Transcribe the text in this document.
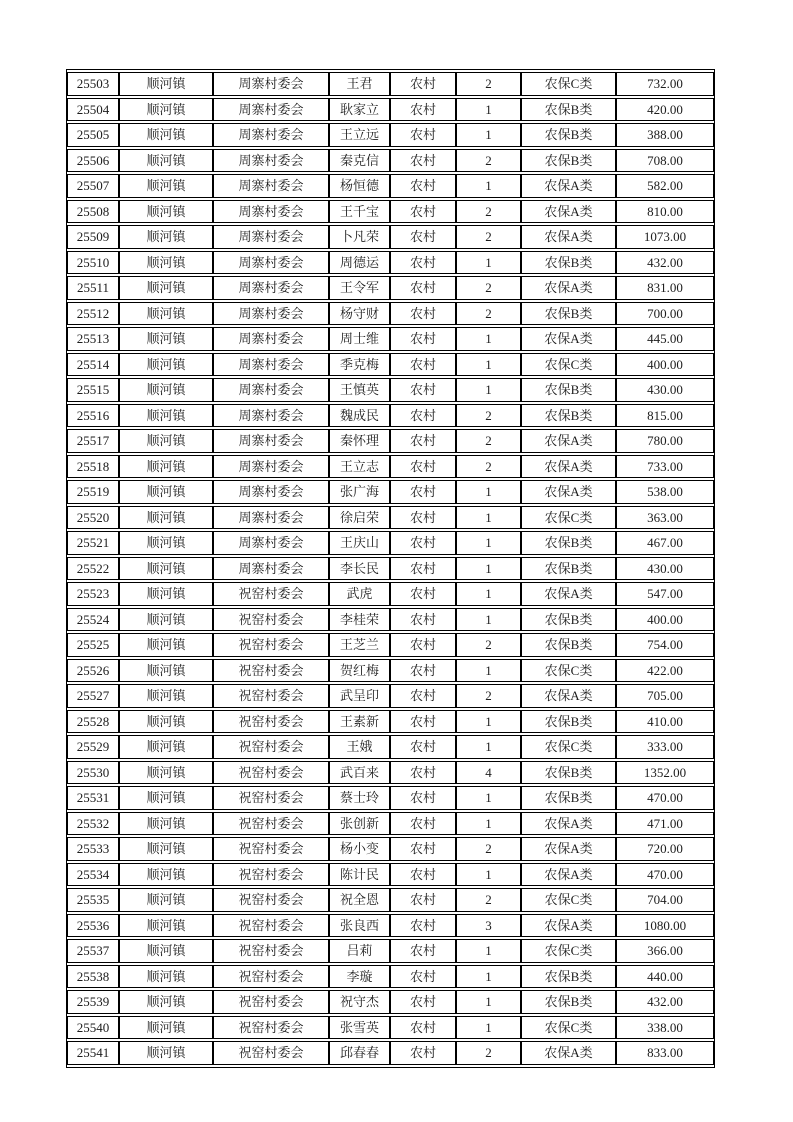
25503	顺河镇	周寨村委会	王君	农村	2	农保C类	732.00
25504	顺河镇	周寨村委会	耿家立	农村	1	农保B类	420.00
25505	顺河镇	周寨村委会	王立远	农村	1	农保B类	388.00
25506	顺河镇	周寨村委会	秦克信	农村	2	农保B类	708.00
25507	顺河镇	周寨村委会	杨恒德	农村	1	农保A类	582.00
25508	顺河镇	周寨村委会	王千宝	农村	2	农保A类	810.00
25509	顺河镇	周寨村委会	卜凡荣	农村	2	农保A类	1073.00
25510	顺河镇	周寨村委会	周德运	农村	1	农保B类	432.00
25511	顺河镇	周寨村委会	王令军	农村	2	农保A类	831.00
25512	顺河镇	周寨村委会	杨守财	农村	2	农保B类	700.00
25513	顺河镇	周寨村委会	周士维	农村	1	农保A类	445.00
25514	顺河镇	周寨村委会	季克梅	农村	1	农保C类	400.00
25515	顺河镇	周寨村委会	王慎英	农村	1	农保B类	430.00
25516	顺河镇	周寨村委会	魏成民	农村	2	农保B类	815.00
25517	顺河镇	周寨村委会	秦怀理	农村	2	农保A类	780.00
25518	顺河镇	周寨村委会	王立志	农村	2	农保A类	733.00
25519	顺河镇	周寨村委会	张广海	农村	1	农保A类	538.00
25520	顺河镇	周寨村委会	徐启荣	农村	1	农保C类	363.00
25521	顺河镇	周寨村委会	王庆山	农村	1	农保B类	467.00
25522	顺河镇	周寨村委会	李长民	农村	1	农保B类	430.00
25523	顺河镇	祝窑村委会	武虎	农村	1	农保A类	547.00
25524	顺河镇	祝窑村委会	李桂荣	农村	1	农保B类	400.00
25525	顺河镇	祝窑村委会	王芝兰	农村	2	农保B类	754.00
25526	顺河镇	祝窑村委会	贺红梅	农村	1	农保C类	422.00
25527	顺河镇	祝窑村委会	武呈印	农村	2	农保A类	705.00
25528	顺河镇	祝窑村委会	王素新	农村	1	农保B类	410.00
25529	顺河镇	祝窑村委会	王娥	农村	1	农保C类	333.00
25530	顺河镇	祝窑村委会	武百来	农村	4	农保B类	1352.00
25531	顺河镇	祝窑村委会	蔡士玲	农村	1	农保B类	470.00
25532	顺河镇	祝窑村委会	张创新	农村	1	农保A类	471.00
25533	顺河镇	祝窑村委会	杨小变	农村	2	农保A类	720.00
25534	顺河镇	祝窑村委会	陈计民	农村	1	农保A类	470.00
25535	顺河镇	祝窑村委会	祝全恩	农村	2	农保C类	704.00
25536	顺河镇	祝窑村委会	张良西	农村	3	农保A类	1080.00
25537	顺河镇	祝窑村委会	吕莉	农村	1	农保C类	366.00
25538	顺河镇	祝窑村委会	李璇	农村	1	农保B类	440.00
25539	顺河镇	祝窑村委会	祝守杰	农村	1	农保B类	432.00
25540	顺河镇	祝窑村委会	张雪英	农村	1	农保C类	338.00
25541	顺河镇	祝窑村委会	邱春春	农村	2	农保A类	833.00
